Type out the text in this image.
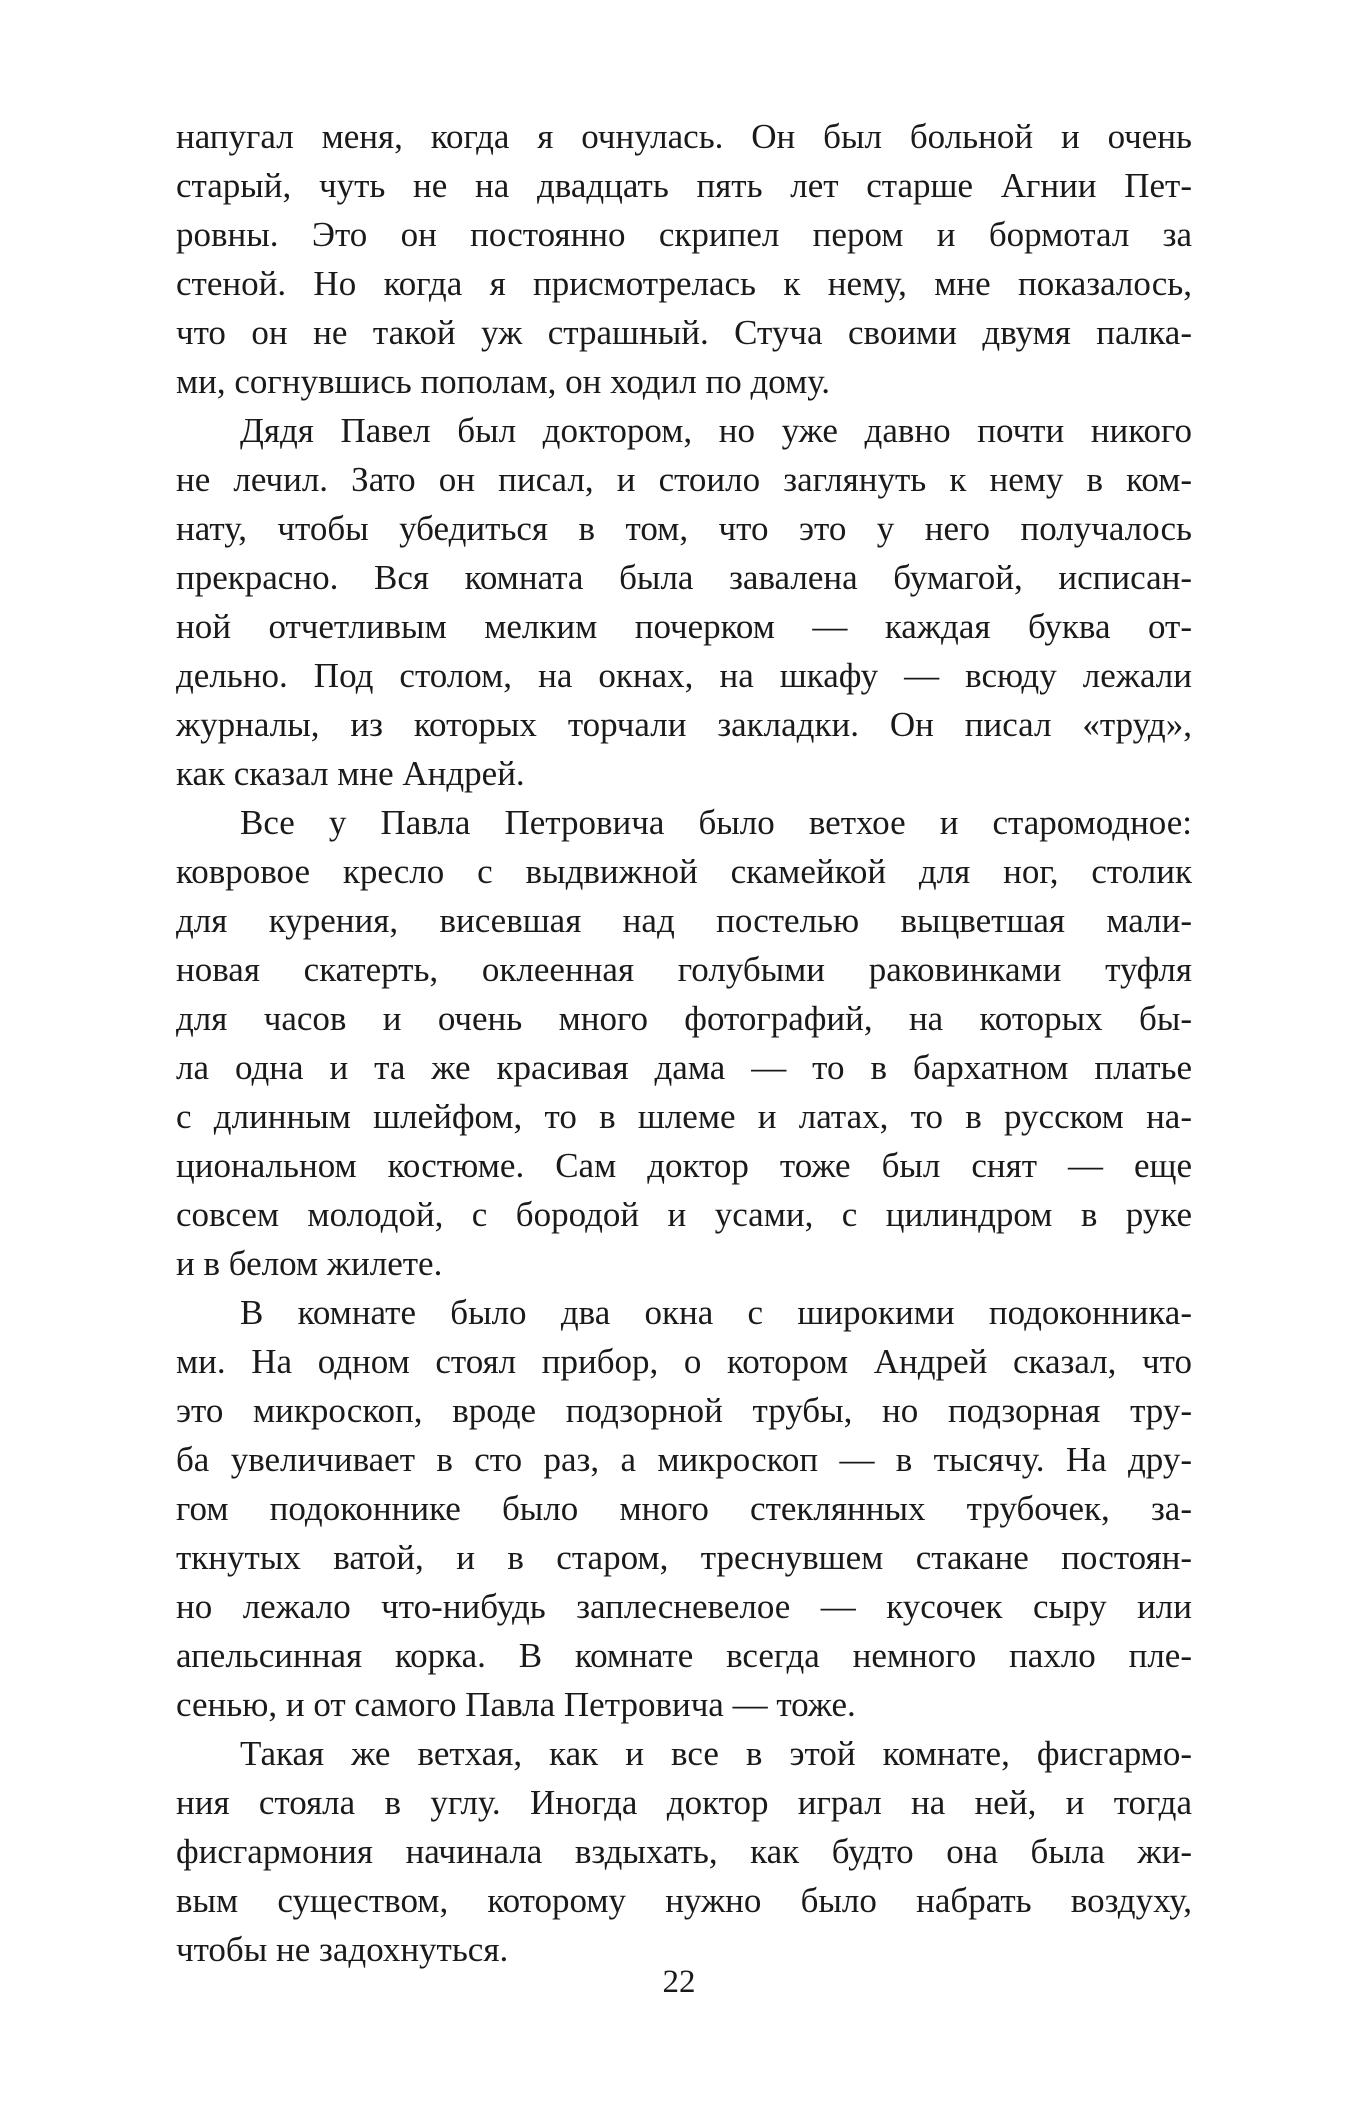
напугал меня, когда я очнулась. Он был больной и очень
старый, чуть не на двадцать пять лет старше Агнии Пет-
ровны. Это он постоянно скрипел пером и бормотал за
стеной. Но когда я присмотрелась к нему, мне показалось,
что он не такой уж страшный. Стуча своими двумя палка-
ми, согнувшись пополам, он ходил по дому.
Дядя Павел был доктором, но уже давно почти никого
не лечил. Зато он писал, и стоило заглянуть к нему в ком-
нату, чтобы убедиться в том, что это у него получалось
прекрасно. Вся комната была завалена бумагой, исписан-
ной отчетливым мелким почерком — каждая буква от-
дельно. Под столом, на окнах, на шкафу — всюду лежали
журналы, из которых торчали закладки. Он писал «труд»,
как сказал мне Андрей.
Все у Павла Петровича было ветхое и старомодное:
ковровое кресло с выдвижной скамейкой для ног, столик
для курения, висевшая над постелью выцветшая мали-
новая скатерть, оклеенная голубыми раковинками туфля
для часов и очень много фотографий, на которых бы-
ла одна и та же красивая дама — то в бархатном платье
с длинным шлейфом, то в шлеме и латах, то в русском на-
циональном костюме. Сам доктор тоже был снят — еще
совсем молодой, с бородой и усами, с цилиндром в руке
и в белом жилете.
В комнате было два окна с широкими подоконника-
ми. На одном стоял прибор, о котором Андрей сказал, что
это микроскоп, вроде подзорной трубы, но подзорная тру-
ба увеличивает в сто раз, а микроскоп — в тысячу. На дру-
гом подоконнике было много стеклянных трубочек, за-
ткнутых ватой, и в старом, треснувшем стакане постоян-
но лежало что-нибудь заплесневелое — кусочек сыру или
апельсинная корка. В комнате всегда немного пахло пле-
сенью, и от самого Павла Петровича — тоже.
Такая же ветхая, как и все в этой комнате, фисгармо-
ния стояла в углу. Иногда доктор играл на ней, и тогда
фисгармония начинала вздыхать, как будто она была жи-
вым существом, которому нужно было набрать воздуху,
чтобы не задохнуться.
22
